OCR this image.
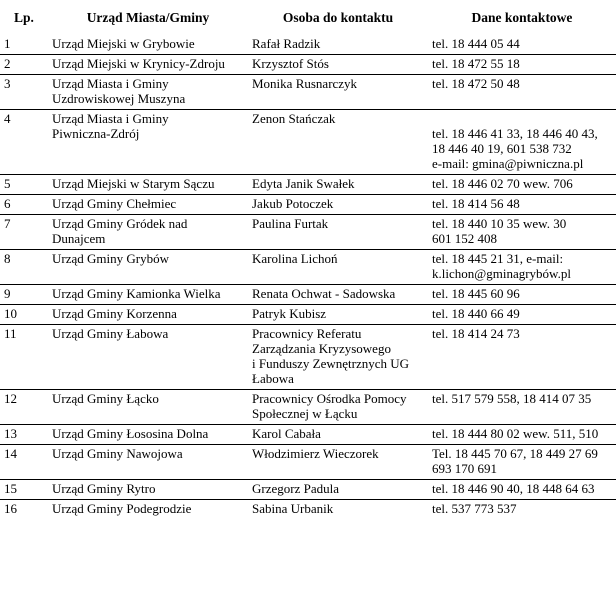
Lp.	Urząd Miasta/Gminy	Osoba do kontaktu	Dane kontaktowe
1	Urząd Miejski w Grybowie	Rafał Radzik	tel. 18 444 05 44

2	Urząd Miejski w Krynicy-Zdroju	Krzysztof Stós	tel. 18 472 55 18

3	Urząd Miasta i Gminy
Uzdrowiskowej Muszyna	Monika Rusnarczyk	tel. 18 472 50 48

4	Urząd Miasta i Gminy
Piwniczna-Zdrój	Zenon Stańczak	tel. 18 446 41 33, 18 446 40 43,
18 446 40 19, 601 538 732
e-mail: gmina@piwniczna.pl

5	Urząd Miejski w Starym Sączu	Edyta Janik Swałek	tel. 18 446 02 70 wew. 706

6	Urząd Gminy Chełmiec	Jakub Potoczek	tel. 18 414 56 48

7	Urząd Gminy Gródek nad
Dunajcem	Paulina Furtak	tel. 18 440 10 35 wew. 30
601 152 408

8	Urząd Gminy Grybów	Karolina Lichoń	tel. 18 445 21 31, e-mail:
k.lichon@gminagrybów.pl

9	Urząd Gminy Kamionka Wielka	Renata Ochwat - Sadowska	tel. 18 445 60 96

10	Urząd Gminy Korzenna	Patryk Kubisz	tel. 18 440 66 49

11	Urząd Gminy Łabowa	Pracownicy Referatu
Zarządzania Kryzysowego
i Funduszy Zewnętrznych UG
Łabowa	tel. 18 414 24 73

12	Urząd Gminy Łącko	Pracownicy Ośrodka Pomocy
Społecznej w Łącku	tel. 517 579 558, 18 414 07 35

13	Urząd Gminy Łososina Dolna	Karol Cabała	tel. 18 444 80 02 wew. 511, 510

14	Urząd Gminy Nawojowa	Włodzimierz Wieczorek	Tel. 18 445 70 67, 18 449 27 69
693 170 691

15	Urząd Gminy Rytro	Grzegorz Padula	tel. 18 446 90 40, 18 448 64 63

16	Urząd Gminy Podegrodzie	Sabina Urbanik	tel. 537 773 537
